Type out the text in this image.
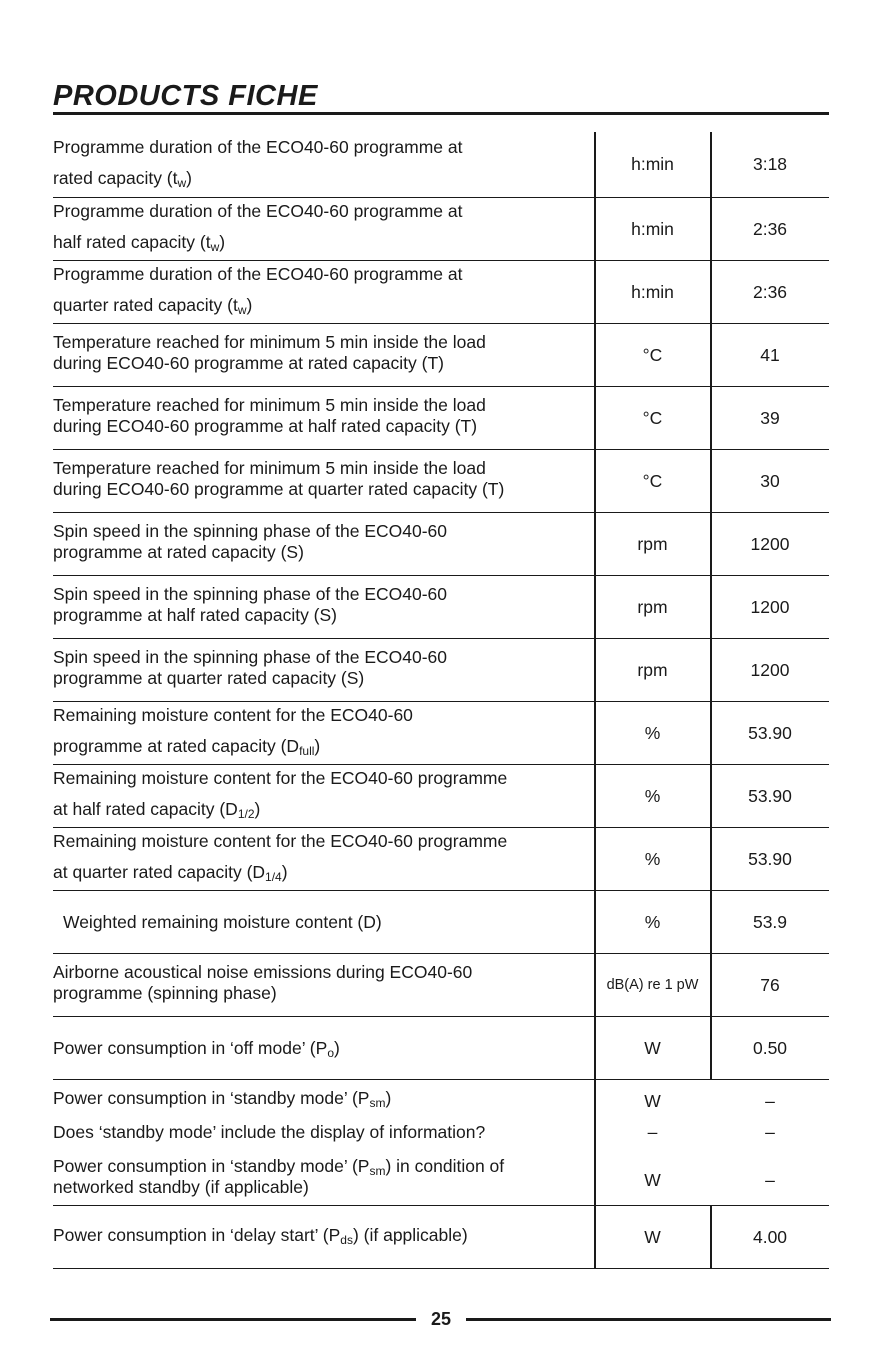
PRODUCTS FICHE
Programme duration of the ECO40-60 programme at
rated capacity $(t_w)$
h:min	3:18
Programme duration of the ECO40-60 programme at
half rated capacity $(t_w)$
h:min	2:36
Programme duration of the ECO40-60 programme at
quarter rated capacity $(t_w)$
h:min	2:36
Temperature reached for minimum 5 min inside the load
during ECO40-60 programme at rated capacity (T)	°C	41
Temperature reached for minimum 5 min inside the load
during ECO40-60 programme at half rated capacity (T)	°C	39
Temperature reached for minimum 5 min inside the load
during ECO40-60 programme at quarter rated capacity (T)	°C	30
Spin speed in the spinning phase of the ECO40-60
programme at rated capacity (S)	rpm	1200
Spin speed in the spinning phase of the ECO40-60
programme at half rated capacity (S)	rpm	1200
Spin speed in the spinning phase of the ECO40-60
programme at quarter rated capacity (S)	rpm	1200
Remaining moisture content for the ECO40-60
programme at rated capacity $(D_{full})$
%	53.90
Remaining moisture content for the ECO40-60 programme
at half rated capacity $(D_{1/2})$
%	53.90
Remaining moisture content for the ECO40-60 programme
at quarter rated capacity $(D_{1/4})$
%	53.90
Weighted remaining moisture content (D)	%	53.9
Airborne acoustical noise emissions during ECO40-60
programme (spinning phase)	dB(A) re 1 pW	76
Power consumption in ‘off mode’ $(P_o)$	W	0.50
Power consumption in ‘standby mode’ $(P_{sm})$	W	–
Does ‘standby mode’ include the display of information?	–	–
Power consumption in ‘standby mode’ $(P_{sm})$ in condition of
networked standby (if applicable)	W	–
Power consumption in ‘delay start’ $(P_{ds})$ (if applicable)	W	4.00
25
